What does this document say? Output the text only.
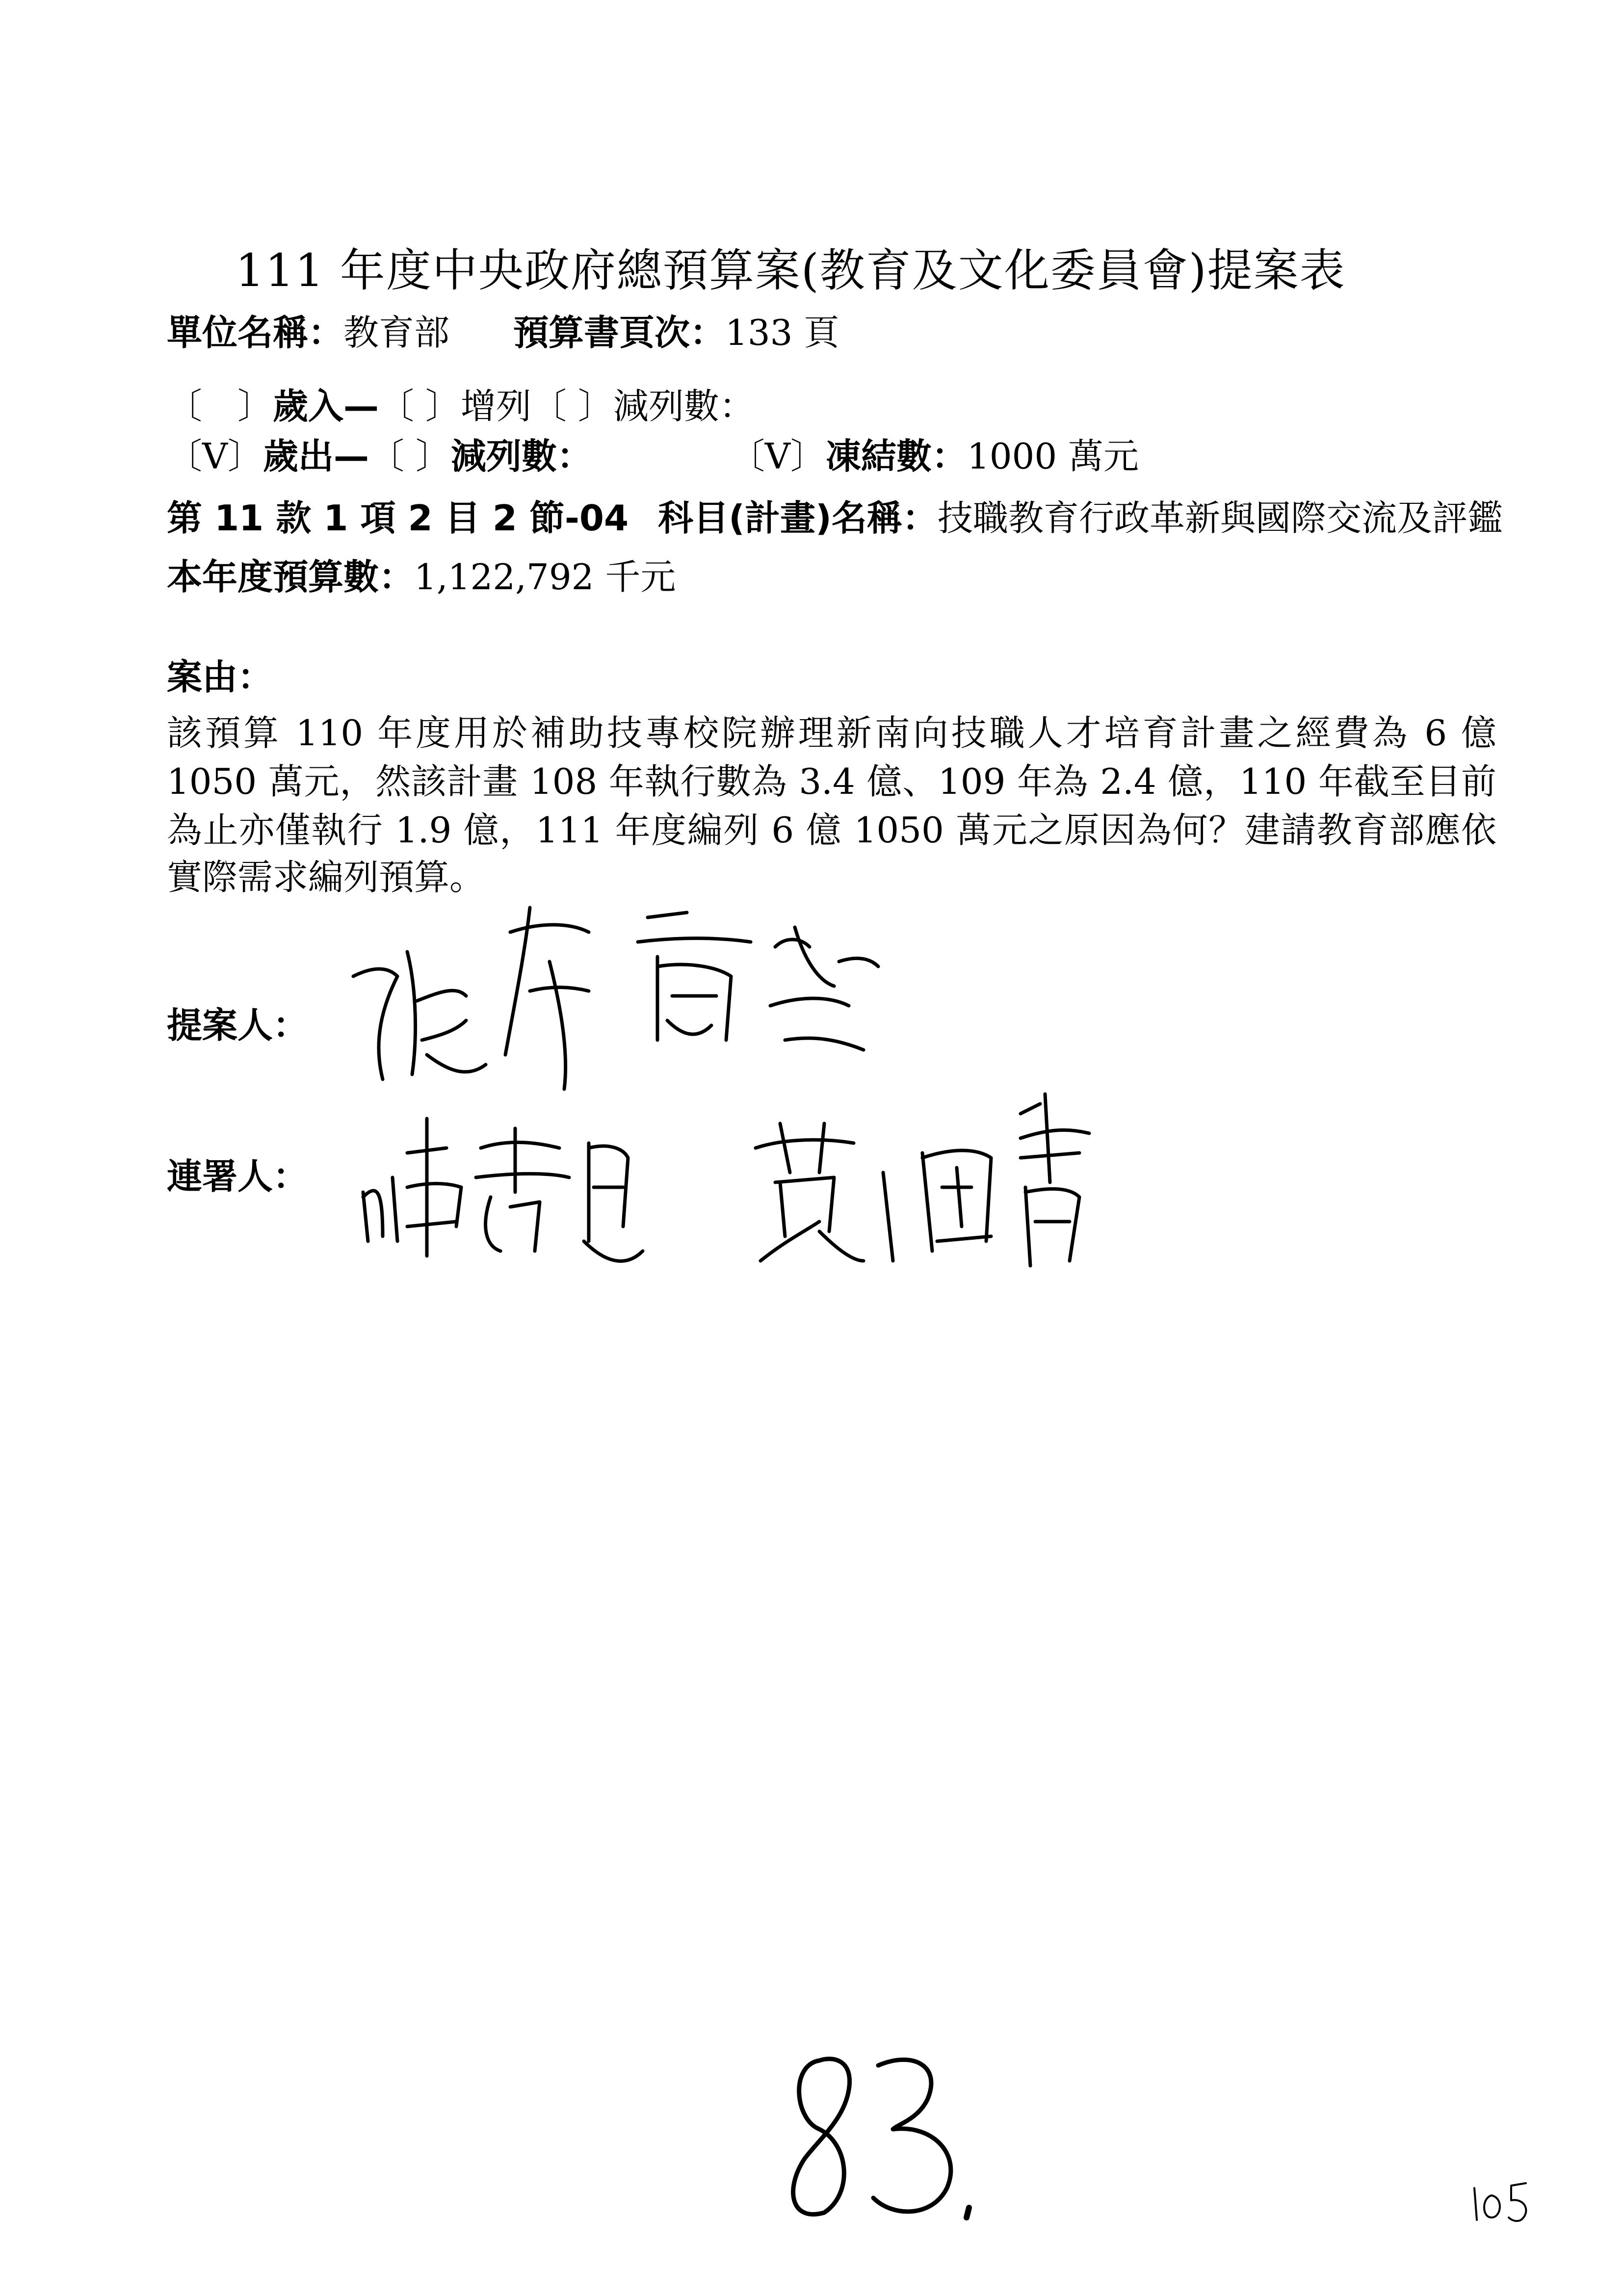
111 年度中央政府總預算案(教育及文化委員會)提案表
單位名稱：教育部 預算書頁次：133 頁
〔　〕歲入—〔 〕增列〔 〕減列數：
〔V〕歲出—〔 〕減列數：	〔V〕凍結數：1000 萬元
第 11 款 1 項 2 目 2 節-04 科目(計畫)名稱：技職教育行政革新與國際交流及評鑑
本年度預算數：1,122,792 千元
案由：
該預算 110 年度用於補助技專校院辦理新南向技職人才培育計畫之經費為 6 億
1050 萬元，然該計畫 108 年執行數為 3.4 億、109 年為 2.4 億，110 年截至目前
為止亦僅執行 1.9 億，111 年度編列 6 億 1050 萬元之原因為何？建請教育部應依
實際需求編列預算。
提案人：
連署人：
